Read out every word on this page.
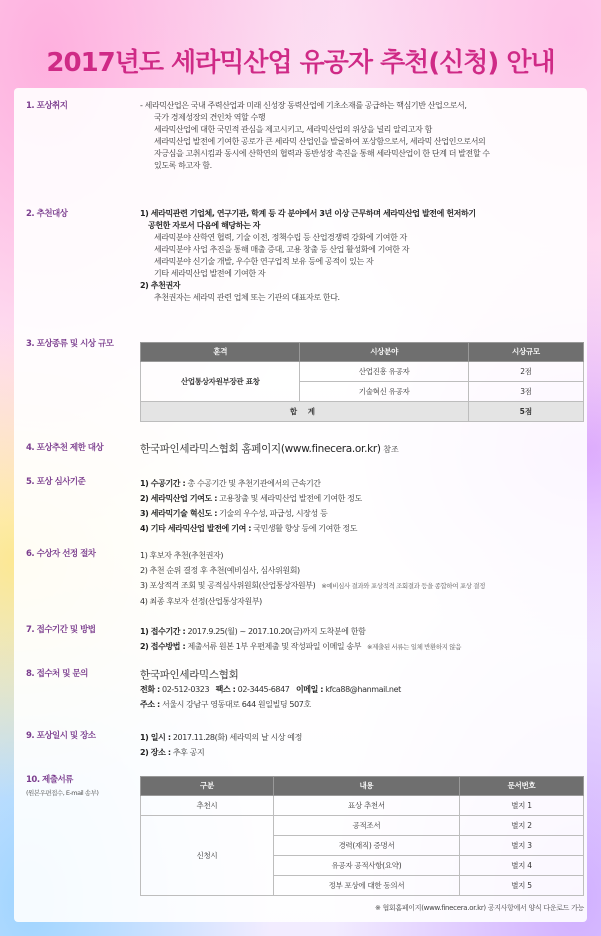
2017년도 세라믹산업 유공자 추천(신청) 안내
1. 포상취지	- 세라믹산업은 국내 주력산업과 미래 신성장 동력산업에 기초소재를 공급하는 핵심기반 산업으로서,
국가 경제성장의 견인차 역할 수행
세라믹산업에 대한 국민적 관심을 제고시키고, 세라믹산업의 위상을 널리 알리고자 함
세라믹산업 발전에 기여한 공로가 큰 세라믹 산업인을 발굴하여 포상함으로서, 세라믹 산업인으로서의
자긍심을 고취시킴과 동시에 산학연의 협력과 동반성장 촉진을 통해 세라믹산업이 한 단계 더 발전할 수
있도록 하고자 함.
2. 추천대상	1) 세라믹관련 기업체, 연구기관, 학계 등 각 분야에서 3년 이상 근무하며 세라믹산업 발전에 헌저하기
공헌한 자로서 다음에 해당하는 자
세라믹분야 산학연 협력, 기술 이전, 정책수립 등 산업경쟁력 강화에 기여한 자
세라믹분야 사업 추진을 통해 매출 증대, 고용 창출 등 산업 활성화에 기여한 자
세라믹분야 신기술 개발, 우수한 연구업적 보유 등에 공적이 있는 자
기타 세라믹산업 발전에 기여한 자
2) 추천권자
추천권자는 세라믹 관련 업체 또는 기관의 대표자로 한다.
3. 포상종류 및 시상 규모
훈격	시상분야	시상규모
산업통상자원부장관 표창	산업진흥 유공자	2점
	기술혁신 유공자	3점
합 계		5점
4. 포상추천 제한 대상	한국파인세라믹스협회 홈페이지(www.finecera.or.kr) 참조
5. 포상 심사기준	1) 수공기간 : 총 수공기간 및 추천기관에서의 근속기간
2) 세라믹산업 기여도 : 고용창출 및 세라믹산업 발전에 기여한 정도
3) 세라믹기술 혁신도 : 기술의 우수성, 파급성, 시장성 등
4) 기타 세라믹산업 발전에 기여 : 국민생활 향상 등에 기여한 정도
6. 수상자 선정 절차	1) 후보자 추천(추천권자)
2) 추천 순위 결정 후 추천(예비심사, 심사위원회)
3) 포상적격 조회 및 공적심사위원회(산업통상자원부) ※예비심사 결과와 포상적격 조회결과 등을 종합하여 포상 결정
4) 최종 후보자 선정(산업통상자원부)
7. 접수기간 및 방법	1) 접수기간 : 2017.9.25(월) ~ 2017.10.20(금)까지 도착분에 한함
2) 접수방법 : 제출서류 원본 1부 우편제출 및 작성파일 이메일 송부 ※제출된 서류는 일체 반환하지 않음
8. 접수처 및 문의	한국파인세라믹스협회
전화 : 02-512-0323 팩스 : 02-3445-6847 이메일 : kfca88@hanmail.net
주소 : 서울시 강남구 영동대로 644 원일빌딩 507호
9. 포상일시 및 장소	1) 일시 : 2017.11.28(화) 세라믹의 날 시상 예정
2) 장소 : 추후 공지
10. 제출서류
(원본우편접수, E-mail 송부)
구분	내용	문서번호
추천시	표상 추천서	별지 1
신청시	공적조서	별지 2
	경력(재직) 증명서	별지 3
	유공자 공적사항(요약)	별지 4
	정부 포상에 대한 동의서	별지 5
※ 협회홈페이지(www.finecera.or.kr) 공지사항에서 양식 다운로드 가능
